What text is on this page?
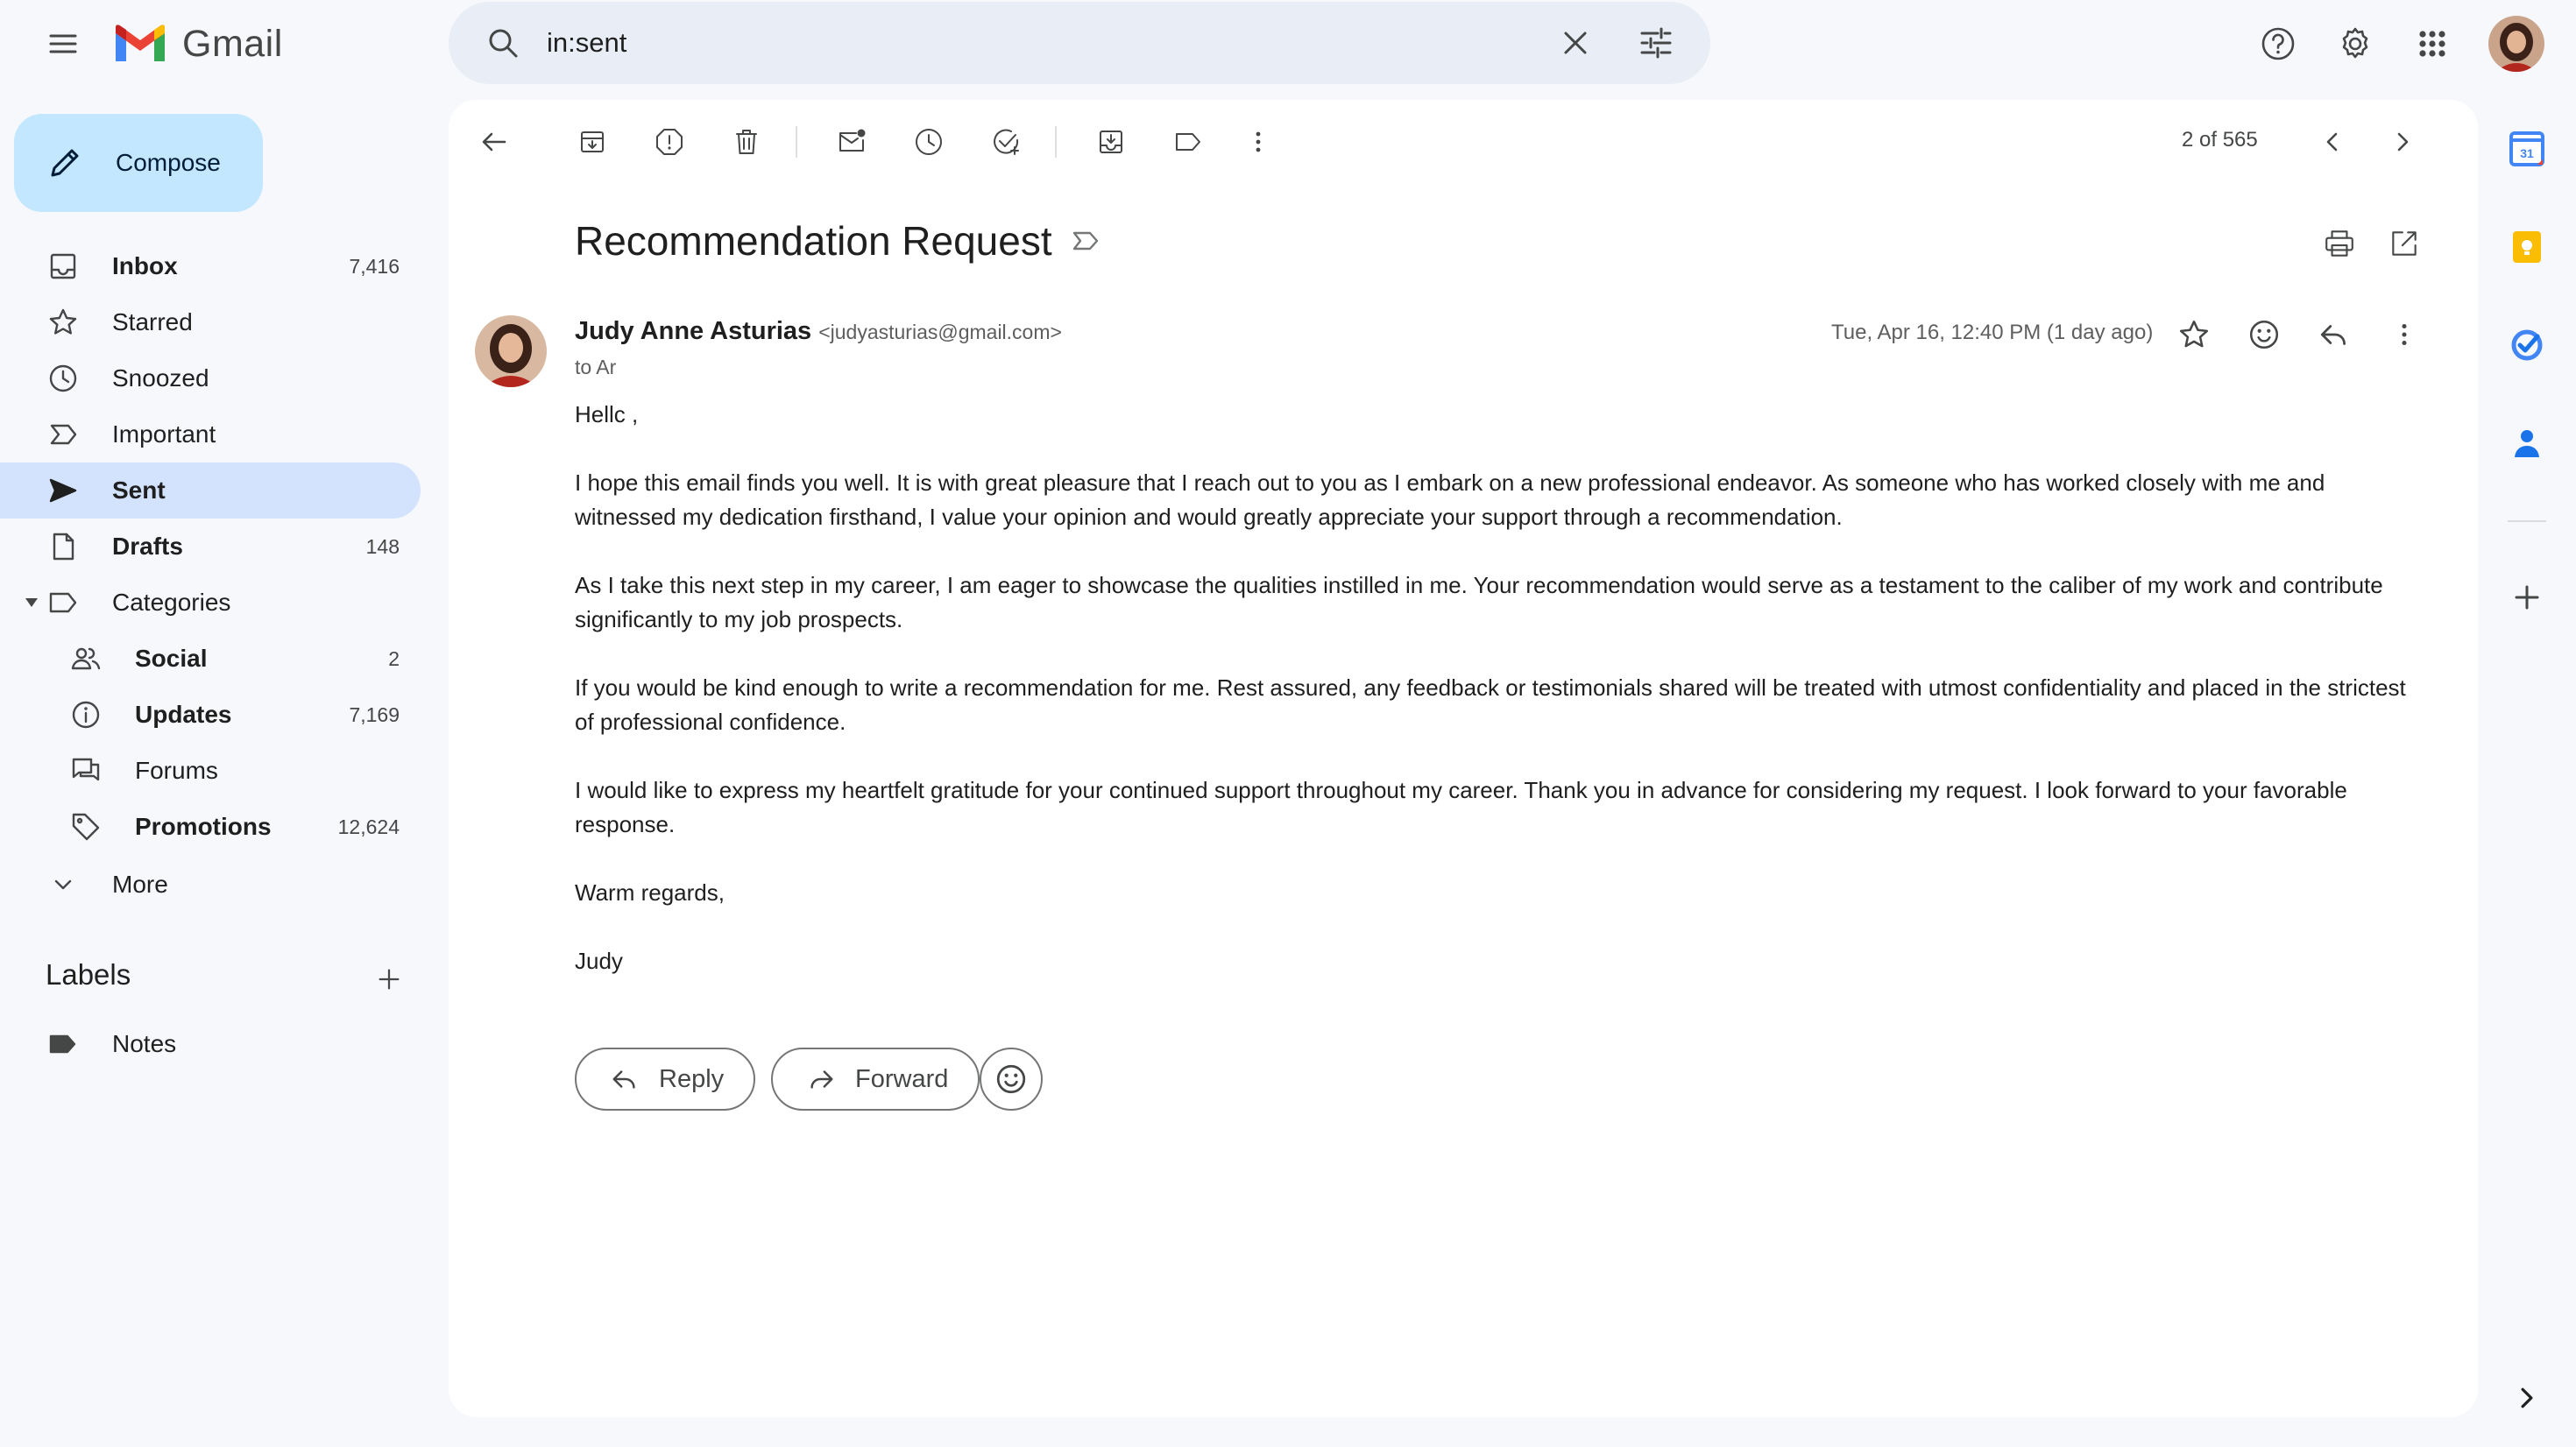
Gmail	in:sent
Compose
Inbox	7,416
Starred
Snoozed
Important
Sent
Drafts	148
Categories
Social	2
Updates	7,169
Forums
Promotions	12,624
More
Labels
Notes
2 of 565
Recommendation Request
Judy Anne Asturias <judyasturias@gmail.com>
to Ar
Tue, Apr 16, 12:40 PM (1 day ago)

Hellc ,

I hope this email finds you well. It is with great pleasure that I reach out to you as I embark on a new professional endeavor. As someone who has worked closely with me and witnessed my dedication firsthand, I value your opinion and would greatly appreciate your support through a recommendation.

As I take this next step in my career, I am eager to showcase the qualities instilled in me. Your recommendation would serve as a testament to the caliber of my work and contribute significantly to my job prospects.

If you would be kind enough to write a recommendation for me. Rest assured, any feedback or testimonials shared will be treated with utmost confidentiality and placed in the strictest of professional confidence.

I would like to express my heartfelt gratitude for your continued support throughout my career. Thank you in advance for considering my request. I look forward to your favorable response.

Warm regards,

Judy

Reply	Forward
31
